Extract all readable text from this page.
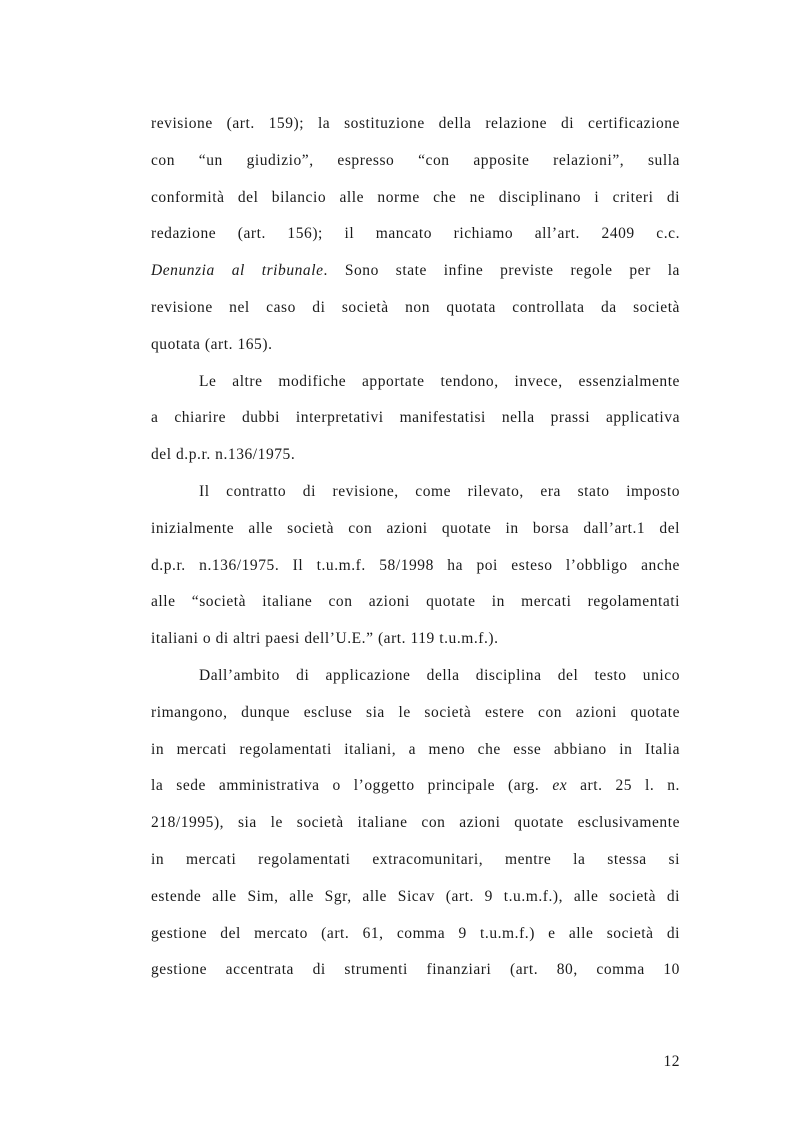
revisione (art. 159); la sostituzione della relazione di certificazione
con “un giudizio”, espresso “con apposite relazioni”, sulla
conformità del bilancio alle norme che ne disciplinano i criteri di
redazione (art. 156); il mancato richiamo all’art. 2409 c.c.
Denunzia al tribunale. Sono state infine previste regole per la
revisione nel caso di società non quotata controllata da società
quotata (art. 165).
Le altre modifiche apportate tendono, invece, essenzialmente
a chiarire dubbi interpretativi manifestatisi nella prassi applicativa
del d.p.r. n.136/1975.
Il contratto di revisione, come rilevato, era stato imposto
inizialmente alle società con azioni quotate in borsa dall’art.1 del
d.p.r. n.136/1975. Il t.u.m.f. 58/1998 ha poi esteso l’obbligo anche
alle “società italiane con azioni quotate in mercati regolamentati
italiani o di altri paesi dell’U.E.” (art. 119 t.u.m.f.).
Dall’ambito di applicazione della disciplina del testo unico
rimangono, dunque escluse sia le società estere con azioni quotate
in mercati regolamentati italiani, a meno che esse abbiano in Italia
la sede amministrativa o l’oggetto principale (arg. ex art. 25 l. n.
218/1995), sia le società italiane con azioni quotate esclusivamente
in mercati regolamentati extracomunitari, mentre la stessa si
estende alle Sim, alle Sgr, alle Sicav (art. 9 t.u.m.f.), alle società di
gestione del mercato (art. 61, comma 9 t.u.m.f.) e alle società di
gestione accentrata di strumenti finanziari (art. 80, comma 10
12
